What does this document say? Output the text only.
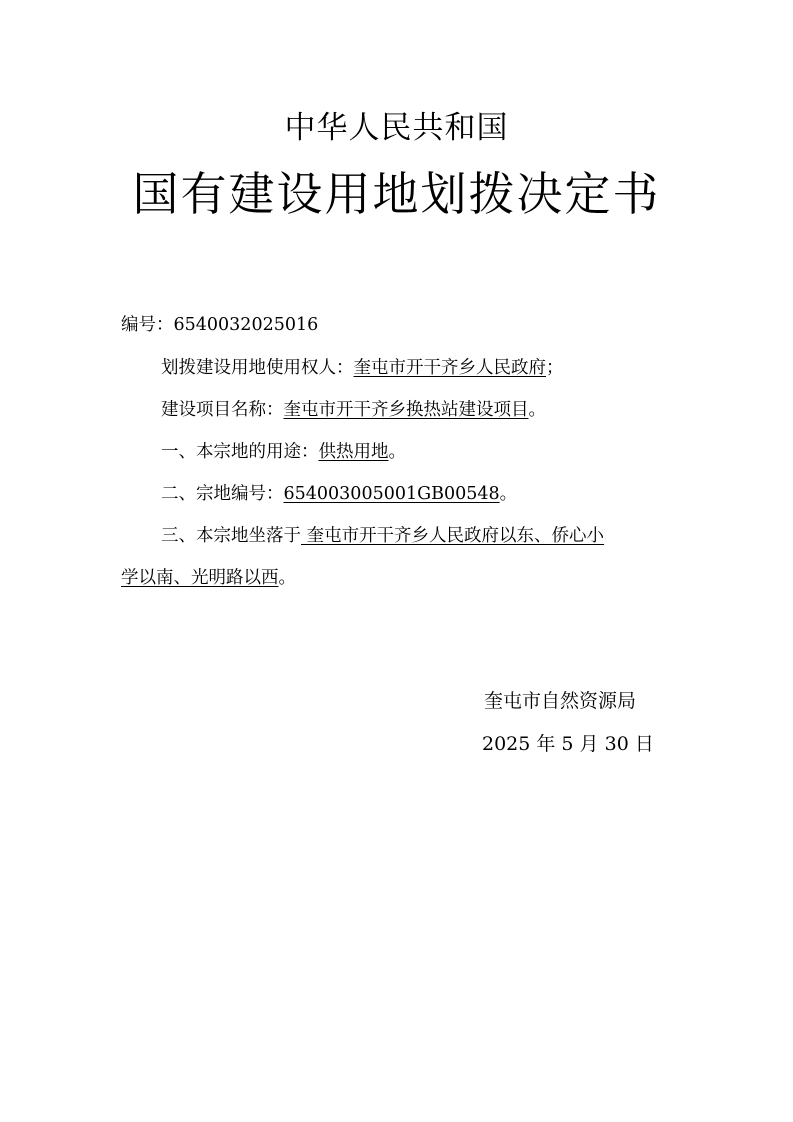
中华人民共和国
国有建设用地划拨决定书
编号：6540032025016
划拨建设用地使用权人：奎屯市开干齐乡人民政府；
建设项目名称：奎屯市开干齐乡换热站建设项目。
一、本宗地的用途：供热用地。
二、宗地编号：654003005001GB00548。
三、本宗地坐落于 奎屯市开干齐乡人民政府以东、侨心小
学以南、光明路以西。
奎屯市自然资源局
2025 年 5 月 30 日
